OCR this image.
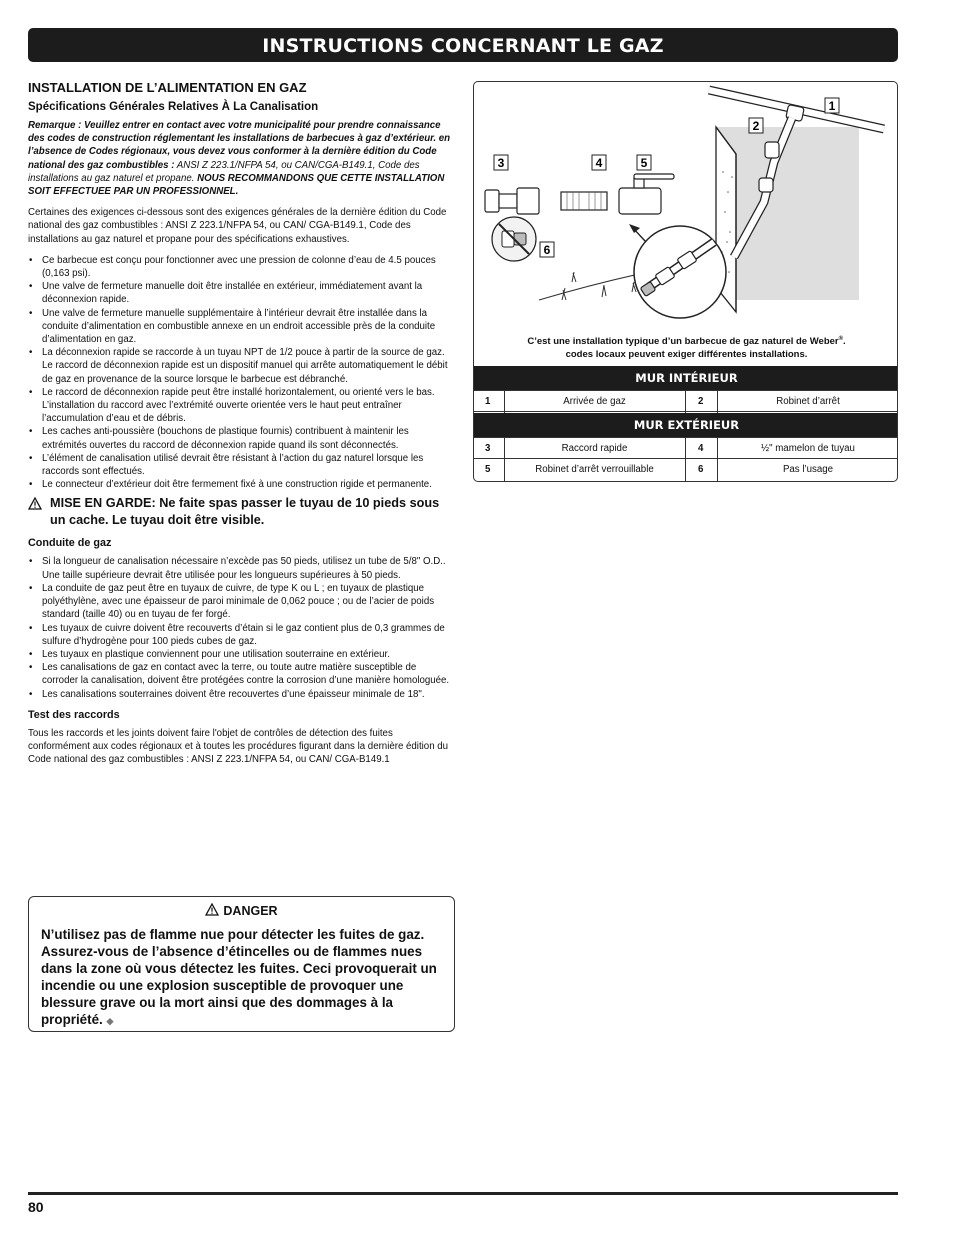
INSTRUCTIONS CONCERNANT LE GAZ
INSTALLATION DE L’ALIMENTATION EN GAZ
Spécifications Générales Relatives À La Canalisation
Remarque : Veuillez entrer en contact avec votre municipalité pour prendre connaissance des codes de construction réglementant les installations de barbecues à gaz d’extérieur. en l’absence de Codes régionaux, vous devez vous conformer à la dernière édition du Code national des gaz combustibles : ANSI Z 223.1/NFPA 54, ou CAN/CGA-B149.1, Code des installations au gaz naturel et propane. NOUS RECOMMANDONS QUE CETTE INSTALLATION SOIT EFFECTUEE PAR UN PROFESSIONNEL.
Certaines des exigences ci-dessous sont des exigences générales de la dernière édition du Code national des gaz combustibles : ANSI Z 223.1/NFPA 54, ou CAN/ CGA-B149.1, Code des installations au gaz naturel et propane pour des spécifications exhaustives.
• Ce barbecue est conçu pour fonctionner avec une pression de colonne d’eau de 4.5 pouces (0,163 psi).
• Une valve de fermeture manuelle doit être installée en extérieur, immédiatement avant la déconnexion rapide.
• Une valve de fermeture manuelle supplémentaire à l’intérieur devrait être installée dans la conduite d’alimentation en combustible annexe en un endroit accessible près de la conduite d’alimentation en gaz.
• La déconnexion rapide se raccorde à un tuyau NPT de 1/2 pouce à partir de la source de gaz. Le raccord de déconnexion rapide est un dispositif manuel qui arrête automatiquement le débit de gaz en provenance de la source lorsque le barbecue est débranché.
• Le raccord de déconnexion rapide peut être installé horizontalement, ou orienté vers le bas. L’installation du raccord avec l’extrémité ouverte orientée vers le haut peut entraîner l’accumulation d’eau et de débris.
• Les caches anti-poussière (bouchons de plastique fournis) contribuent à maintenir les extrémités ouvertes du raccord de déconnexion rapide quand ils sont déconnectés.
• L’élément de canalisation utilisé devrait être résistant à l’action du gaz naturel lorsque les raccords sont effectués.
• Le connecteur d’extérieur doit être fermement fixé à une construction rigide et permanente.
MISE EN GARDE: Ne faite spas passer le tuyau de 10 pieds sous un cache. Le tuyau doit être visible.
Conduite de gaz
• Si la longueur de canalisation nécessaire n’excède pas 50 pieds, utilisez un tube de 5/8" O.D.. Une taille supérieure devrait être utilisée pour les longueurs supérieures à 50 pieds.
• La conduite de gaz peut être en tuyaux de cuivre, de type K ou L ; en tuyaux de plastique polyéthylène, avec une épaisseur de paroi minimale de 0,062 pouce ; ou de l’acier de poids standard (taille 40) ou en tuyau de fer forgé.
• Les tuyaux de cuivre doivent être recouverts d’étain si le gaz contient plus de 0,3 grammes de sulfure d’hydrogène pour 100 pieds cubes de gaz.
• Les tuyaux en plastique conviennent pour une utilisation souterraine en extérieur.
• Les canalisations de gaz en contact avec la terre, ou toute autre matière susceptible de corroder la canalisation, doivent être protégées contre la corrosion d’une manière homologuée.
• Les canalisations souterraines doivent être recouvertes d’une épaisseur minimale de 18".
Test des raccords
Tous les raccords et les joints doivent faire l'objet de contrôles de détection des fuites conformément aux codes régionaux et à toutes les procédures figurant dans la dernière édition du Code national des gaz combustibles : ANSI Z 223.1/NFPA 54, ou CAN/ CGA-B149.1
DANGER
N’utilisez pas de flamme nue pour détecter les fuites de gaz. Assurez-vous de l’absence d’étincelles ou de flammes nues dans la zone où vous détectez les fuites. Ceci provoquerait un incendie ou une explosion susceptible de provoquer une blessure grave ou la mort ainsi que des dommages à la propriété. ◆
1
2
3	4	5
6
C’est une installation typique d’un barbecue de gaz naturel de Weber®.
codes locaux peuvent exiger différentes installations.
MUR INTÉRIEUR
1	Arrivée de gaz	2	Robinet d’arrêt
MUR EXTÉRIEUR
3	Raccord rapide	4	½" mamelon de tuyau
5	Robinet d’arrêt verrouillable	6	Pas l’usage
80
